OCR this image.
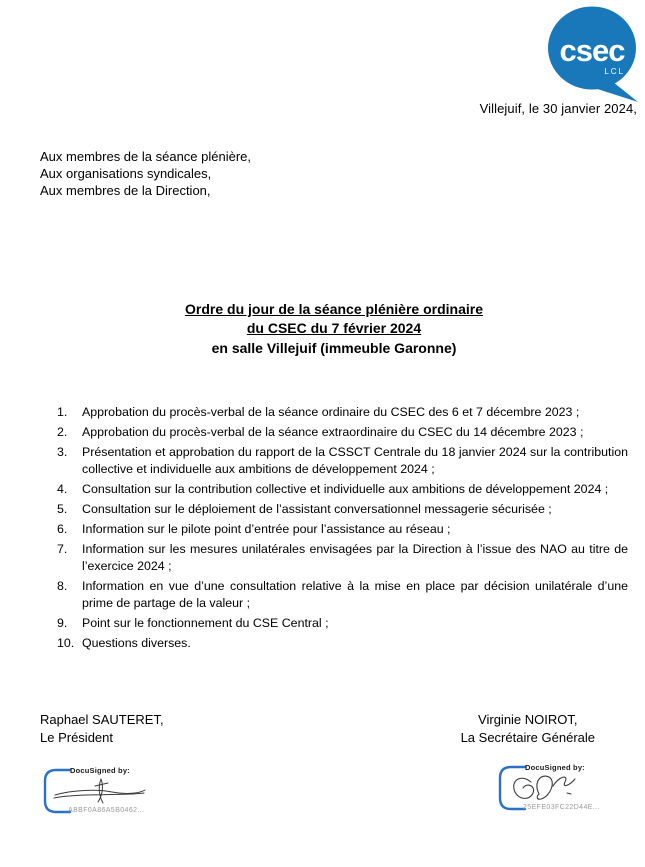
csec
LCL
Villejuif, le 30 janvier 2024,
Aux membres de la séance plénière,
Aux organisations syndicales,
Aux membres de la Direction,
Ordre du jour de la séance plénière ordinaire
du CSEC du 7 février 2024
en salle Villejuif (immeuble Garonne)
Approbation du procès-verbal de la séance ordinaire du CSEC des 6 et 7 décembre 2023 ;
Approbation du procès-verbal de la séance extraordinaire du CSEC du 14 décembre 2023 ;
Présentation et approbation du rapport de la CSSCT Centrale du 18 janvier 2024 sur la contribution collective et individuelle aux ambitions de développement 2024 ;
Consultation sur la contribution collective et individuelle aux ambitions de développement 2024 ;
Consultation sur le déploiement de l’assistant conversationnel messagerie sécurisée ;
Information sur le pilote point d’entrée pour l’assistance au réseau ;
Information sur les mesures unilatérales envisagées par la Direction à l’issue des NAO au titre de l’exercice 2024 ;
Information en vue d’une consultation relative à la mise en place par décision unilatérale d’une prime de partage de la valeur ;
Point sur le fonctionnement du CSE Central ;
Questions diverses.
Raphael SAUTERET,
Le Président
Virginie NOIROT,
La Secrétaire Générale
DocuSigned by:
ABBF0A86A5B0462...
DocuSigned by:
25EFE03FC22D44E...
